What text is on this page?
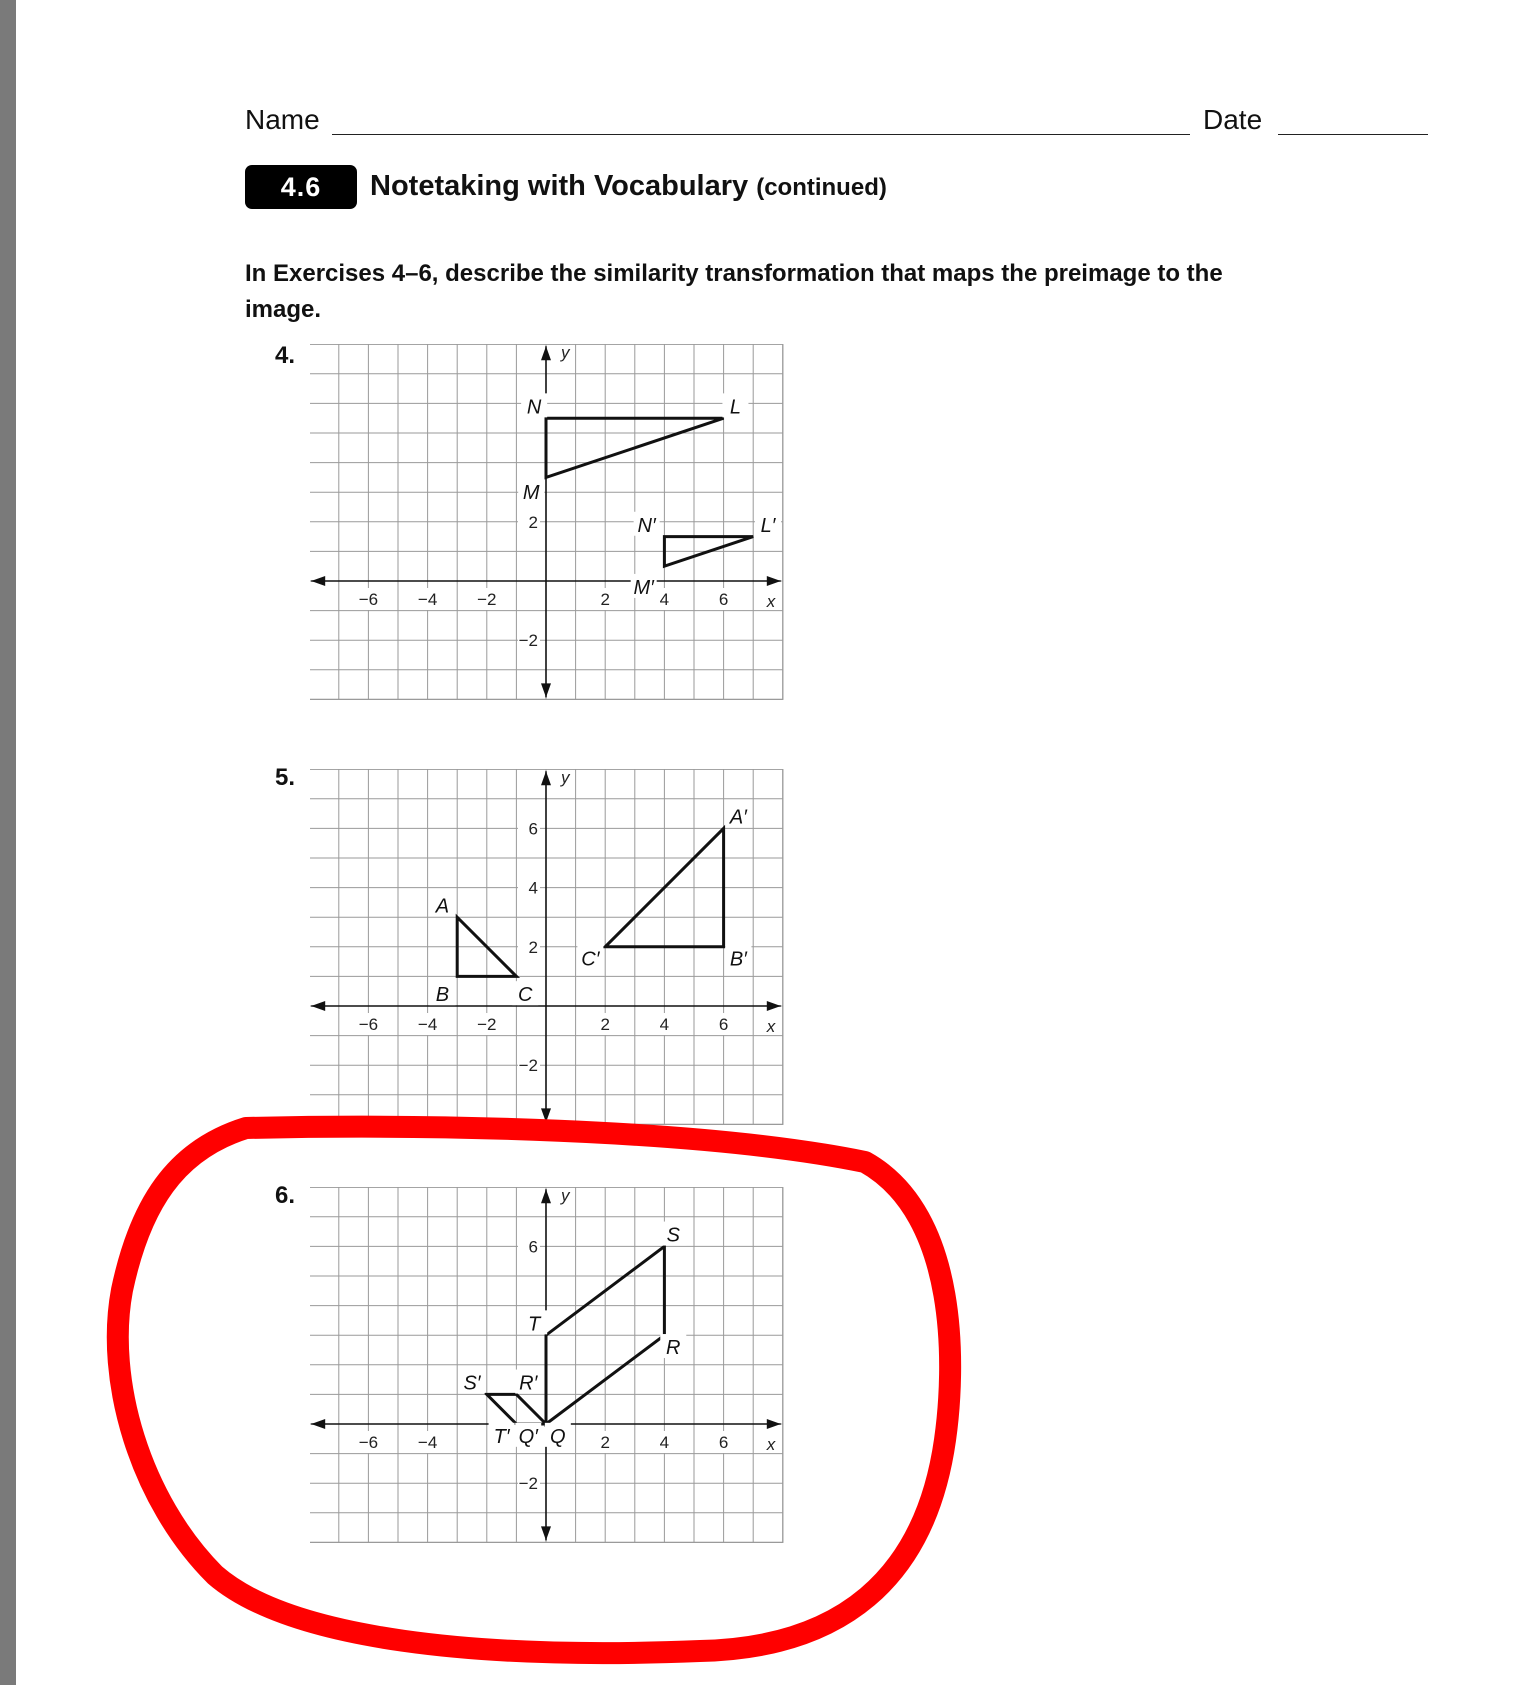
Name	Date
4.6	Notetaking with Vocabulary (continued)
In Exercises 4–6, describe the similarity transformation that maps the preimage to the image.
4.
x
y
−6 −4 −2	2	4	6
2
−2
N	L
M
N′	L′
M′
5.
x
y
−6 −4 −2	2	4	6
6
4
2
−2
A
B	C
A′
C′	B′
6.
x
y
−6 −4	2	4	6
6
−2
S
T
R
S′ R′
T′ Q′ Q
